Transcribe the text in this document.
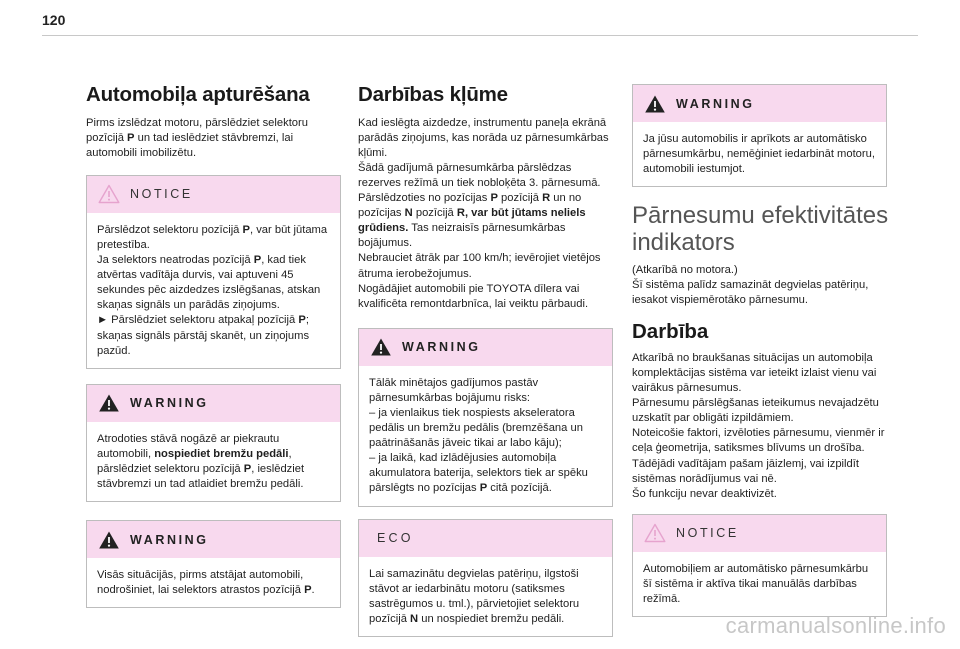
120
Automobiļa apturēšana

Pirms izslēdzat motoru, pārslēdziet selektoru pozīcijā P un tad ieslēdziet stāvbremzi, lai automobili imobilizētu.

NOTICE

Pārslēdzot selektoru pozīcijā P, var būt jūtama pretestība.
Ja selektors neatrodas pozīcijā P, kad tiek atvērtas vadītāja durvis, vai aptuveni 45 sekundes pēc aizdedzes izslēgšanas, atskan skaņas signāls un parādās ziņojums.
► Pārslēdziet selektoru atpakaļ pozīcijā P; skaņas signāls pārstāj skanēt, un ziņojums pazūd.

WARNING

Atrodoties stāvā nogāzē ar piekrautu automobili, nospiediet bremžu pedāli, pārslēdziet selektoru pozīcijā P, ieslēdziet stāvbremzi un tad atlaidiet bremžu pedāli.

WARNING

Visās situācijās, pirms atstājat automobili, nodrošiniet, lai selektors atrastos pozīcijā P.

Darbības kļūme

Kad ieslēgta aizdedze, instrumentu paneļa ekrānā parādās ziņojums, kas norāda uz pārnesumkārbas kļūmi.
Šādā gadījumā pārnesumkārba pārslēdzas rezerves režīmā un tiek nobloķēta 3. pārnesumā.
Pārslēdzoties no pozīcijas P pozīcijā R un no pozīcijas N pozīcijā R, var būt jūtams neliels grūdiens. Tas neizraisīs pārnesumkārbas bojājumus.
Nebrauciet ātrāk par 100 km/h; ievērojiet vietējos ātruma ierobežojumus.
Nogādājiet automobili pie TOYOTA dīlera vai kvalificēta remontdarbnīca, lai veiktu pārbaudi.

WARNING

Tālāk minētajos gadījumos pastāv pārnesumkārbas bojājumu risks:
– ja vienlaikus tiek nospiests akseleratora pedālis un bremžu pedālis (bremzēšana un paātrināšanās jāveic tikai ar labo kāju);
– ja laikā, kad izlādējusies automobiļa akumulatora baterija, selektors tiek ar spēku pārslēgts no pozīcijas P citā pozīcijā.

ECO

Lai samazinātu degvielas patēriņu, ilgstoši stāvot ar iedarbinātu motoru (satiksmes sastrēgumos u. tml.), pārvietojiet selektoru pozīcijā N un nospiediet bremžu pedāli.

WARNING

Ja jūsu automobilis ir aprīkots ar automātisko pārnesumkārbu, nemēģiniet iedarbināt motoru, automobili iestumjot.

Pārnesumu efektivitātes indikators

(Atkarībā no motora.)
Šī sistēma palīdz samazināt degvielas patēriņu, iesakot vispiemērotāko pārnesumu.

Darbība

Atkarībā no braukšanas situācijas un automobiļa komplektācijas sistēma var ieteikt izlaist vienu vai vairākus pārnesumus.
Pārnesumu pārslēgšanas ieteikumus nevajadzētu uzskatīt par obligāti izpildāmiem.
Noteicošie faktori, izvēloties pārnesumu, vienmēr ir ceļa ģeometrija, satiksmes blīvums un drošība.
Tādējādi vadītājam pašam jāizlemj, vai izpildīt sistēmas norādījumus vai nē.
Šo funkciju nevar deaktivizēt.

NOTICE

Automobiļiem ar automātisko pārnesumkārbu šī sistēma ir aktīva tikai manuālās darbības režīmā.

carmanualsonline.info
